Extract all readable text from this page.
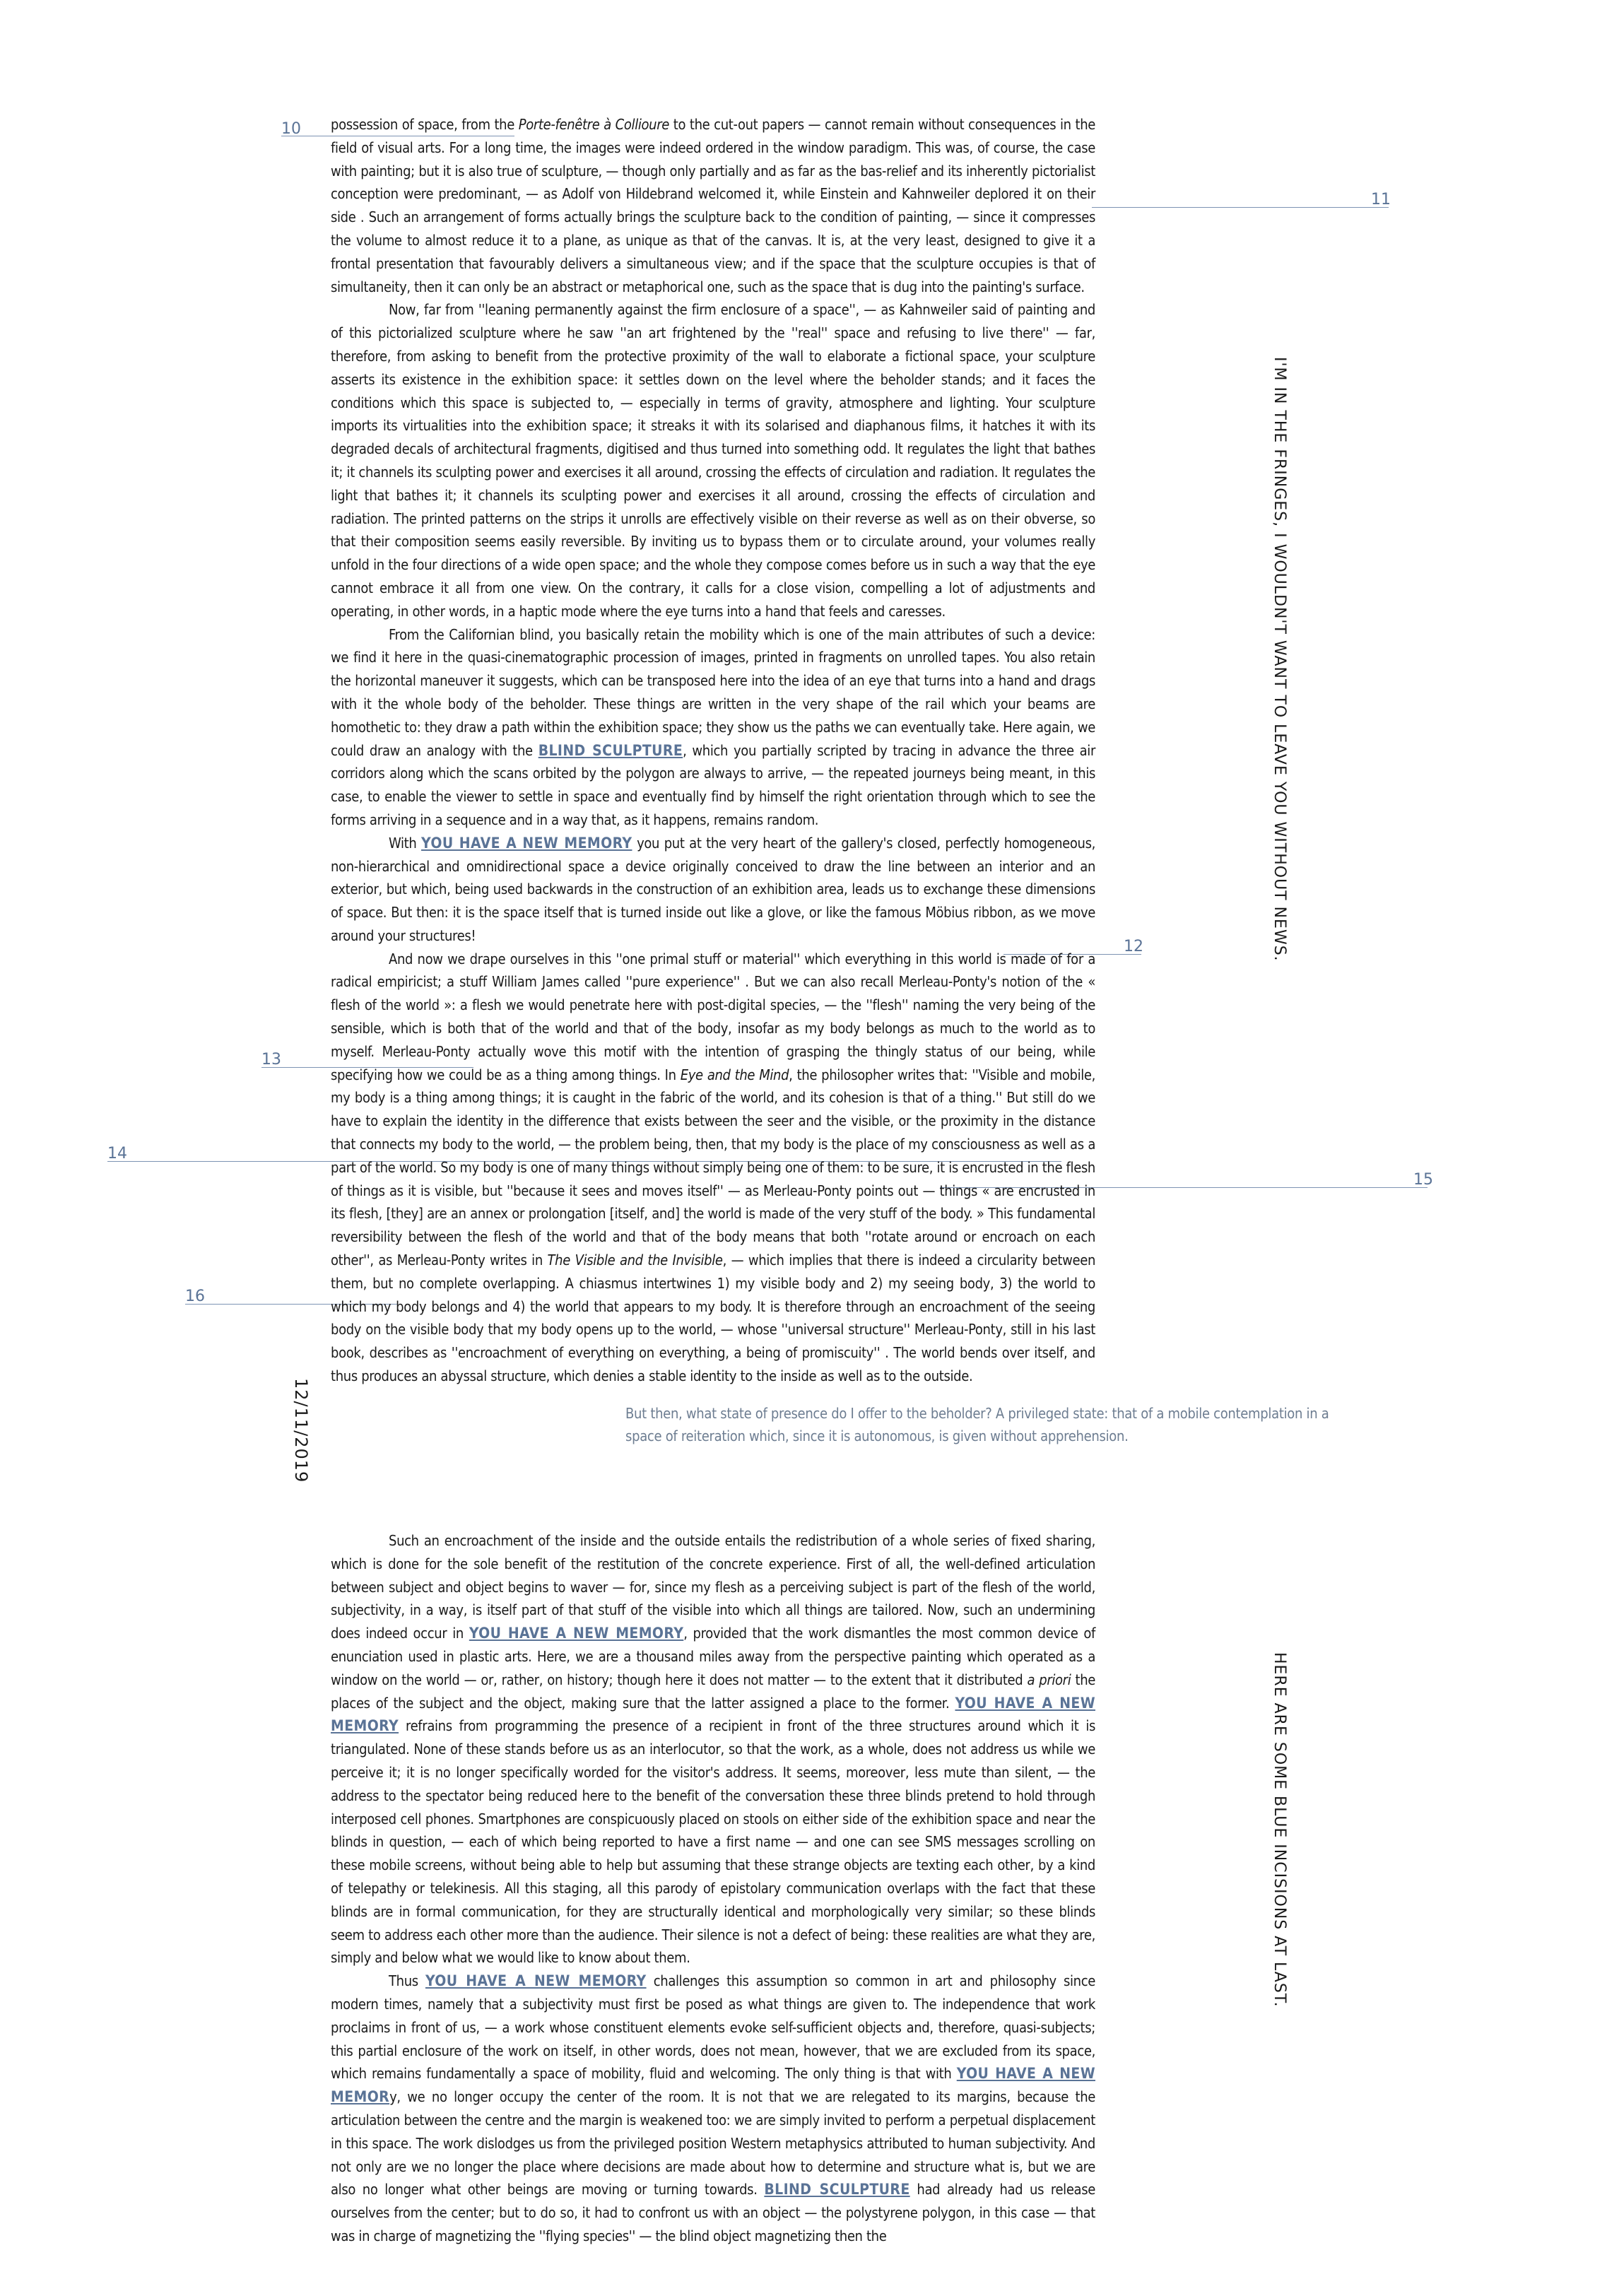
10
11
12
13
14
15
16
I'M IN THE FRINGES, I WOULDN'T WANT TO LEAVE YOU WITHOUT NEWS.
HERE ARE SOME BLUE INCISIONS AT LAST.
12/11/2019

possession of space, from the Porte-fenêtre à Collioure to the cut-out papers — cannot remain without consequences in the field of visual arts. For a long time, the images were indeed ordered in the window paradigm. This was, of course, the case with painting; but it is also true of sculpture, — though only partially and as far as the bas-relief and its inherently pictorialist conception were predominant, — as Adolf von Hildebrand welcomed it, while Einstein and Kahnweiler deplored it on their side . Such an arrangement of forms actually brings the sculpture back to the condition of painting, — since it compresses the volume to almost reduce it to a plane, as unique as that of the canvas. It is, at the very least, designed to give it a frontal presentation that favourably delivers a simultaneous view; and if the space that the sculpture occupies is that of simultaneity, then it can only be an abstract or metaphorical one, such as the space that is dug into the painting's surface.

Now, far from ''leaning permanently against the firm enclosure of a space'', — as Kahnweiler said of painting and of this pictorialized sculpture where he saw ''an art frightened by the ''real'' space and refusing to live there'' — far, therefore, from asking to benefit from the protective proximity of the wall to elaborate a fictional space, your sculpture asserts its existence in the exhibition space: it settles down on the level where the beholder stands; and it faces the conditions which this space is subjected to, — especially in terms of gravity, atmosphere and lighting. Your sculpture imports its virtualities into the exhibition space; it streaks it with its solarised and diaphanous films, it hatches it with its degraded decals of architectural fragments, digitised and thus turned into something odd. It regulates the light that bathes it; it channels its sculpting power and exercises it all around, crossing the effects of circulation and radiation. It regulates the light that bathes it; it channels its sculpting power and exercises it all around, crossing the effects of circulation and radiation. The printed patterns on the strips it unrolls are effectively visible on their reverse as well as on their obverse, so that their composition seems easily reversible. By inviting us to bypass them or to circulate around, your volumes really unfold in the four directions of a wide open space; and the whole they compose comes before us in such a way that the eye cannot embrace it all from one view. On the contrary, it calls for a close vision, compelling a lot of adjustments and operating, in other words, in a haptic mode where the eye turns into a hand that feels and caresses.

From the Californian blind, you basically retain the mobility which is one of the main attributes of such a device: we find it here in the quasi-cinematographic procession of images, printed in fragments on unrolled tapes. You also retain the horizontal maneuver it suggests, which can be transposed here into the idea of an eye that turns into a hand and drags with it the whole body of the beholder. These things are written in the very shape of the rail which your beams are homothetic to: they draw a path within the exhibition space; they show us the paths we can eventually take. Here again, we could draw an analogy with the BLIND SCULPTURE, which you partially scripted by tracing in advance the three air corridors along which the scans orbited by the polygon are always to arrive, — the repeated journeys being meant, in this case, to enable the viewer to settle in space and eventually find by himself the right orientation through which to see the forms arriving in a sequence and in a way that, as it happens, remains random.

With YOU HAVE A NEW MEMORY you put at the very heart of the gallery's closed, perfectly homogeneous, non-hierarchical and omnidirectional space a device originally conceived to draw the line between an interior and an exterior, but which, being used backwards in the construction of an exhibition area, leads us to exchange these dimensions of space. But then: it is the space itself that is turned inside out like a glove, or like the famous Möbius ribbon, as we move around your structures!

And now we drape ourselves in this ''one primal stuff or material'' which everything in this world is made of for a radical empiricist; a stuff William James called ''pure experience'' . But we can also recall Merleau-Ponty's notion of the « flesh of the world »: a flesh we would penetrate here with post-digital species, — the ''flesh'' naming the very being of the sensible, which is both that of the world and that of the body, insofar as my body belongs as much to the world as to myself. Merleau-Ponty actually wove this motif with the intention of grasping the thingly status of our being, while specifying how we could be as a thing among things. In Eye and the Mind, the philosopher writes that: ''Visible and mobile, my body is a thing among things; it is caught in the fabric of the world, and its cohesion is that of a thing.'' But still do we have to explain the identity in the difference that exists between the seer and the visible, or the proximity in the distance that connects my body to the world, — the problem being, then, that my body is the place of my consciousness as well as a part of the world. So my body is one of many things without simply being one of them: to be sure, it is encrusted in the flesh of things as it is visible, but ''because it sees and moves itself'' — as Merleau-Ponty points out — things « are encrusted in its flesh, [they] are an annex or prolongation [itself, and] the world is made of the very stuff of the body. » This fundamental reversibility between the flesh of the world and that of the body means that both ''rotate around or encroach on each other'', as Merleau-Ponty writes in The Visible and the Invisible, — which implies that there is indeed a circularity between them, but no complete overlapping. A chiasmus intertwines 1) my visible body and 2) my seeing body, 3) the world to which my body belongs and 4) the world that appears to my body. It is therefore through an encroachment of the seeing body on the visible body that my body opens up to the world, — whose ''universal structure'' Merleau-Ponty, still in his last book, describes as ''encroachment of everything on everything, a being of promiscuity'' . The world bends over itself, and thus produces an abyssal structure, which denies a stable identity to the inside as well as to the outside.

But then, what state of presence do I offer to the beholder? A privileged state: that of a mobile contemplation in a space of reiteration which, since it is autonomous, is given without apprehension.

Such an encroachment of the inside and the outside entails the redistribution of a whole series of fixed sharing, which is done for the sole benefit of the restitution of the concrete experience. First of all, the well-defined articulation between subject and object begins to waver — for, since my flesh as a perceiving subject is part of the flesh of the world, subjectivity, in a way, is itself part of that stuff of the visible into which all things are tailored. Now, such an undermining does indeed occur in YOU HAVE A NEW MEMORY, provided that the work dismantles the most common device of enunciation used in plastic arts. Here, we are a thousand miles away from the perspective painting which operated as a window on the world — or, rather, on history; though here it does not matter — to the extent that it distributed a priori the places of the subject and the object, making sure that the latter assigned a place to the former. YOU HAVE A NEW MEMORY refrains from programming the presence of a recipient in front of the three structures around which it is triangulated. None of these stands before us as an interlocutor, so that the work, as a whole, does not address us while we perceive it; it is no longer specifically worded for the visitor's address. It seems, moreover, less mute than silent, — the address to the spectator being reduced here to the benefit of the conversation these three blinds pretend to hold through interposed cell phones. Smartphones are conspicuously placed on stools on either side of the exhibition space and near the blinds in question, — each of which being reported to have a first name — and one can see SMS messages scrolling on these mobile screens, without being able to help but assuming that these strange objects are texting each other, by a kind of telepathy or telekinesis. All this staging, all this parody of epistolary communication overlaps with the fact that these blinds are in formal communication, for they are structurally identical and morphologically very similar; so these blinds seem to address each other more than the audience. Their silence is not a defect of being: these realities are what they are, simply and below what we would like to know about them.

Thus YOU HAVE A NEW MEMORY challenges this assumption so common in art and philosophy since modern times, namely that a subjectivity must first be posed as what things are given to. The independence that work proclaims in front of us, — a work whose constituent elements evoke self-sufficient objects and, therefore, quasi-subjects; this partial enclosure of the work on itself, in other words, does not mean, however, that we are excluded from its space, which remains fundamentally a space of mobility, fluid and welcoming. The only thing is that with YOU HAVE A NEW MEMORy, we no longer occupy the center of the room. It is not that we are relegated to its margins, because the articulation between the centre and the margin is weakened too: we are simply invited to perform a perpetual displacement in this space. The work dislodges us from the privileged position Western metaphysics attributed to human subjectivity. And not only are we no longer the place where decisions are made about how to determine and structure what is, but we are also no longer what other beings are moving or turning towards. BLIND SCULPTURE had already had us release ourselves from the center; but to do so, it had to confront us with an object — the polystyrene polygon, in this case — that was in charge of magnetizing the ''flying species'' — the blind object magnetizing then the
